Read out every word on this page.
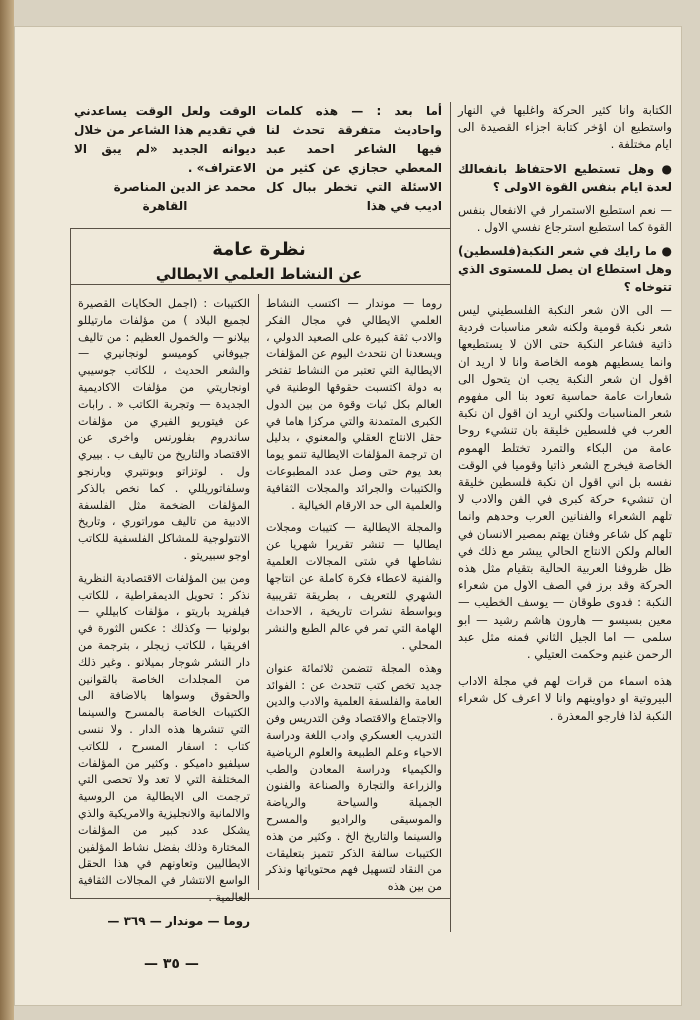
الكتابة وانا كثير الحركة واغلبها في النهار واستطيع ان اؤخر كتابة اجزاء القصيدة الى ايام مختلفة .

● وهل تستطيع الاحتفاظ بانفعالك لعدة ايام بنفس القوة الاولى ؟

— نعم استطيع الاستمرار في الانفعال بنفس القوة كما استطيع استرجاع نفسي الاول .

● ما رايك في شعر النكبة(فلسطين) وهل استطاع ان يصل للمستوى الذي تتوخاه ؟

— الى الان شعر النكبة الفلسطيني ليس شعر نكبة قومية ولكنه شعر مناسبات فردية ذاتية فشاعر النكبة حتى الان لا يستطيعها وانما يسطيهم هومه الخاصة وانا لا اريد ان اقول ان شعر النكبة يجب ان يتحول الى شعارات عامة حماسية تعود بنا الى مفهوم شعر المناسبات ولكني اريد ان اقول ان نكبة العرب في فلسطين خليقة بان تنشيء روحا عامة من البكاء والتمرد تختلط الهموم الخاصة فيخرج الشعر ذاتيا وقوميا في الوقت نفسه بل اني اقول ان نكبة فلسطين خليقة ان تنشيء حركة كبرى في الفن والادب لا تلهم الشعراء والفنانين العرب وحدهم وانما تلهم كل شاعر وفنان يهتم بمصير الانسان في العالم ولكن الانتاج الحالي يبشر مع ذلك في ظل ظروفنا العربية الحالية بتقيام مثل هذه الحركة وقد برز في الصف الاول من شعراء النكبة : فدوى طوقان — يوسف الخطيب — معين بسيسو — هارون هاشم رشيد — ابو سلمى — اما الجيل الثاني فمنه مثل عبد الرحمن غنيم وحكمت العتيلي .

هذه اسماء من قرات لهم في مجلة الاداب البيروتية او دواوينهم وانا لا اعرف كل شعراء النكبة لذا فارجو المعذرة .

أما بعد : — هذه كلمات واحاديث متفرقة تحدث لنا فيها الشاعر احمد عبد المعطي حجازي عن كثير من الاسئلة التي تخطر ببال كل اديب في هذا
الوقت ولعل الوقت يساعدني في تقديم هذا الشاعر من خلال ديوانه الجديد «لم يبق الا الاعتراف» .
محمد عز الدين المناصرة
القاهرة
نظرة عامة
عن النشاط العلمي الايطالي

روما — موندار — اكتسب النشاط العلمي الايطالي في مجال الفكر والادب ثقة كبيرة على الصعيد الدولي ، ويسعدنا ان نتحدث اليوم عن المؤلفات الايطالية التي تعتبر من النشاط تفتخر به دولة اكتسبت حقوقها الوطنية في العالم بكل ثبات وقوة من بين الدول الكبرى المتمدنة والتي مركزا هاما في حقل الانتاج العقلي والمعنوي ، بدليل ان ترجمة المؤلفات الايطالية تنمو يوما بعد يوم حتى وصل عدد المطبوعات والكتيبات والجرائد والمجلات الثقافية والعلمية الى حد الارقام الخيالية .

والمجلة الايطالية — كتيبات ومجلات ايطاليا — تنشر تقريرا شهريا عن نشاطها في شتى المجالات العلمية والفنية لاعطاء فكرة كاملة عن انتاجها الشهري للتعريف ، بطريقة تقريبية وبواسطة نشرات تاريخية ، الاحداث الهامة التي تمر في عالم الطبع والنشر المحلي .

وهذه المجلة تتضمن ثلاثمائة عنوان جديد تخص كتب تتحدث عن : الفوائد العامة والفلسفة العلمية والادب والدين والاجتماع والاقتصاد وفن التدريس وفن التدريب العسكري وادب اللغة ودراسة الاحياء وعلم الطبيعة والعلوم الرياضية والكيمياء ودراسة المعادن والطب والزراعة والتجارة والصناعة والفنون الجميلة والسياحة والرياضة والموسيقى والراديو والمسرح والسينما والتاريخ الخ . وكثير من هذه الكتيبات سالفة الذكر تتميز بتعليقات من النقاد لتسهيل فهم محتوياتها ونذكر من بين هذه

الكتيبات : (اجمل الحكايات القصيرة لجميع البلاد ) من مؤلفات مارتيللو بيلانو — والخمول العظيم : من تاليف جيوفاني كوميسو لونجانيري — والشعر الحديث ، للكاتب جوسيبي اونجاريتي من مؤلفات الاكاديمية الجديدة — وتجربة الكاتب « . رابات عن فيتوريو الفيري من مؤلفات ساندروم بفلورنس واخرى عن الاقتصاد والتاريخ من تاليف ب . بييري ول . لوتزاتو وبونتيري وبارنجو وسلفاتوريللي . كما نخص بالذكر المؤلفات الضخمة مثل الفلسفة الادبية من تاليف موراتوري ، وتاريخ الانتولوجية للمشاكل الفلسفية للكاتب اوجو سبيريتو .

ومن بين المؤلفات الاقتصادية النظرية نذكر : تحويل الديمقراطية ، للكاتب فيلفريد باريتو ، مؤلفات كابيللي — بولونيا — وكذلك : عكس الثورة في افريقيا ، للكاتب زيجلر ، بترجمة من دار النشر شوجار بميلانو . وغير ذلك من المجلدات الخاصة بالقوانين والحقوق وسواها بالاضافة الى الكتيبات الخاصة بالمسرح والسينما التي تنشرها هذه الدار . ولا ننسى كتاب : اسفار المسرح ، للكاتب سيلفيو داميكو . وكثير من المؤلفات المختلفة التي لا تعد ولا تحصى التي ترجمت الى الايطالية من الروسية والالمانية والانجليزية والامريكية والذي يشكل عدد كبير من المؤلفات المختارة وذلك بفضل نشاط المؤلفين الايطاليين وتعاونهم في هذا الحقل الواسع الانتشار في المجالات الثقافية العالمية .

روما — موندار — ٣٦٩ —
— ٣٥ —
